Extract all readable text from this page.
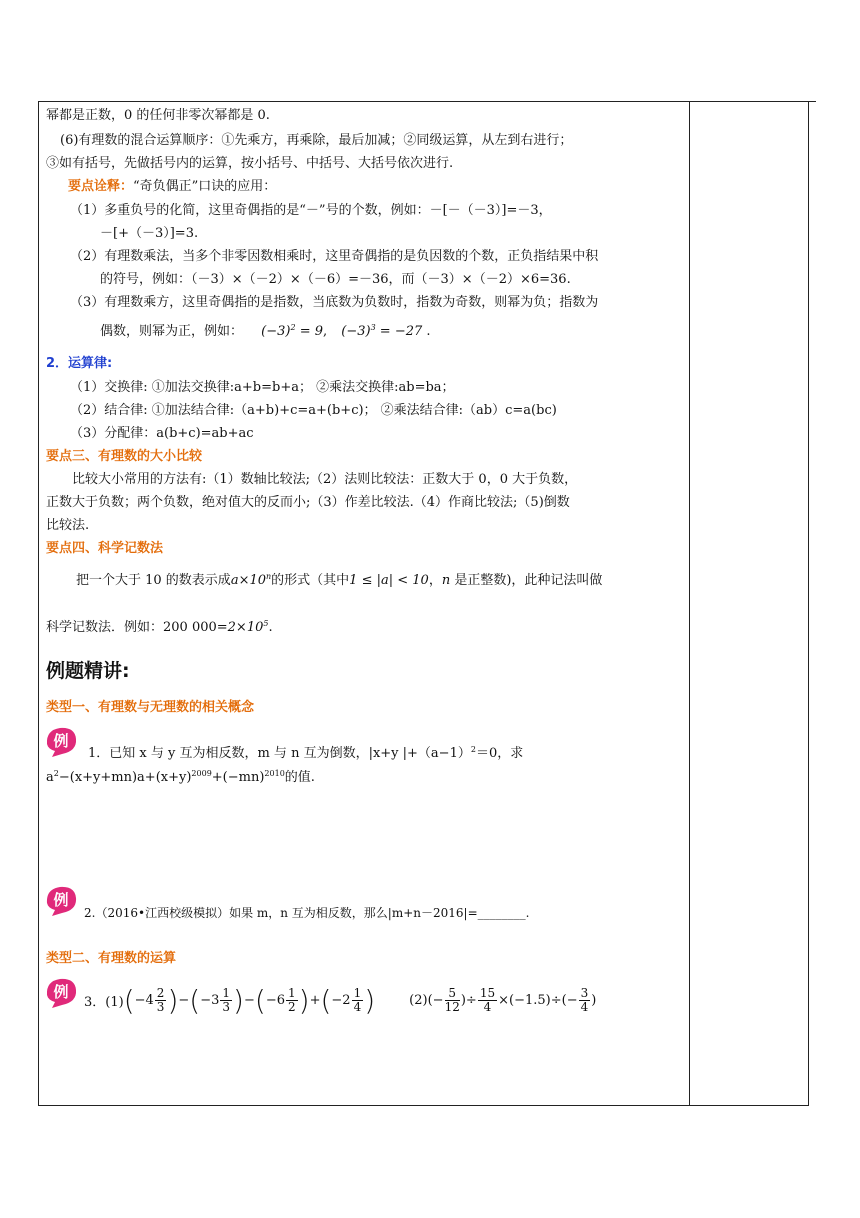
幂都是正数，0 的任何非零次幂都是 0.
(6)有理数的混合运算顺序：①先乘方，再乘除，最后加减；②同级运算，从左到右进行；
③如有括号，先做括号内的运算，按小括号、中括号、大括号依次进行.
要点诠释：“奇负偶正”口诀的应用：
（1）多重负号的化简，这里奇偶指的是“－”号的个数，例如：－[－（－3）]=－3，
－[+（－3）]=3.
（2）有理数乘法，当多个非零因数相乘时，这里奇偶指的是负因数的个数，正负指结果中积
的符号，例如：（－3）×（－2）×（－6）=－36，而（－3）×（－2）×6=36.
（3）有理数乘方，这里奇偶指的是指数，当底数为负数时，指数为奇数，则幂为负；指数为
偶数，则幂为正，例如： $(-3)^2 = 9$, $(-3)^3 = -27$ .
2．运算律:
（1）交换律: ①加法交换律:a+b=b+a； ②乘法交换律:ab=ba；
（2）结合律: ①加法结合律:（a+b)+c=a+(b+c)； ②乘法结合律:（ab）c=a(bc)
（3）分配律：a(b+c)=ab+ac
要点三、有理数的大小比较
比较大小常用的方法有:（1）数轴比较法;（2）法则比较法：正数大于 0，0 大于负数，
正数大于负数；两个负数，绝对值大的反而小;（3）作差比较法.（4）作商比较法;（5)倒数
比较法.
要点四、科学记数法
把一个大于 10 的数表示成$a\times 10^n$的形式（其中1 ≤ |a| < 10，n 是正整数)，此种记法叫做
科学记数法．例如：200 $000=2\times 10^5$.
例题精讲:
类型一、有理数与无理数的相关概念
1．已知 x 与 y 互为相反数，m 与 n 互为倒数，|x+y $|+(a-1)^2=0$，求
$a^2-(x+y+mn)a+(x+y)^{2009}+(-mn)^{2010}$的值.
2.（2016•江西校级模拟）如果 m，n 互为相反数，那么|m+n－2016|=________.
类型二、有理数的运算
3．(1) ( $-4 \frac{2}{3}$ ) − ( $-3 \frac{1}{3}$ ) − ( $-6 \frac{1}{2}$ ) + ( $-2 \frac{1}{4}$ )	(2) ( − $\frac{5}{12}$ ) ÷ $\frac{15}{4} \times (-1.5)$ ÷ ( − $\frac{3}{4}$ )
例
例
例
